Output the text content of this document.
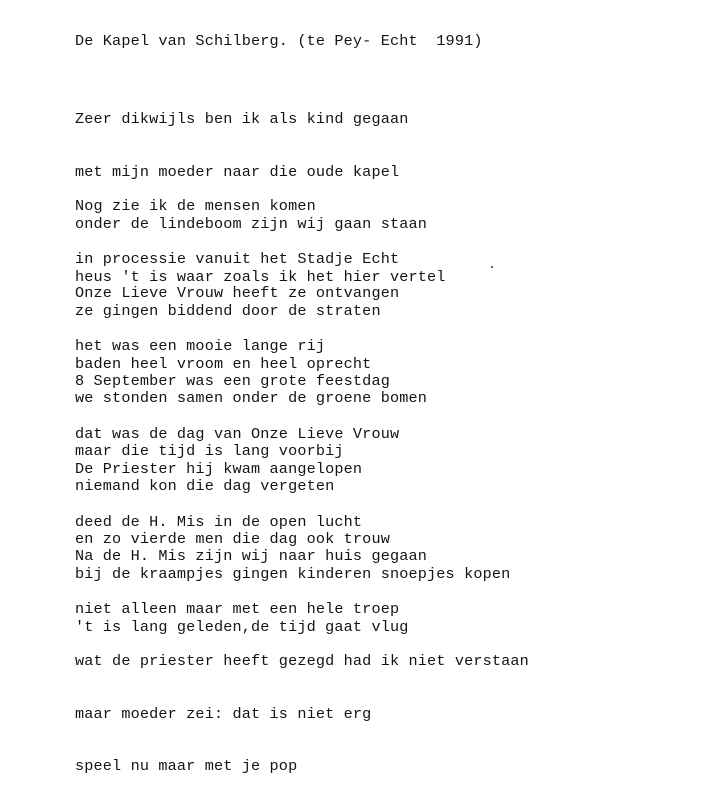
De Kapel van Schilberg. (te Pey- Echt  1991)

Zeer dikwijls ben ik als kind gegaan

met mijn moeder naar die oude kapel

onder de lindeboom zijn wij gaan staan

heus 't is waar zoals ik het hier vertel

Nog zie ik de mensen komen

in processie vanuit het Stadje Echt

ze gingen biddend door de straten

baden heel vroom en heel oprecht

Onze Lieve Vrouw heeft ze ontvangen

het was een mooie lange rij

we stonden samen onder de groene bomen

maar die tijd is lang voorbij

8 September was een grote feestdag

dat was de dag van Onze Lieve Vrouw

niemand kon die dag vergeten

en zo vierde men die dag ook trouw

De Priester hij kwam aangelopen

deed de H. Mis in de open lucht

bij de kraampjes gingen kinderen snoepjes kopen

't is lang geleden,de tijd gaat vlug

Na de H. Mis zijn wij naar huis gegaan

niet alleen maar met een hele troep

wat de priester heeft gezegd had ik niet verstaan

maar moeder zei: dat is niet erg

speel nu maar met je pop
